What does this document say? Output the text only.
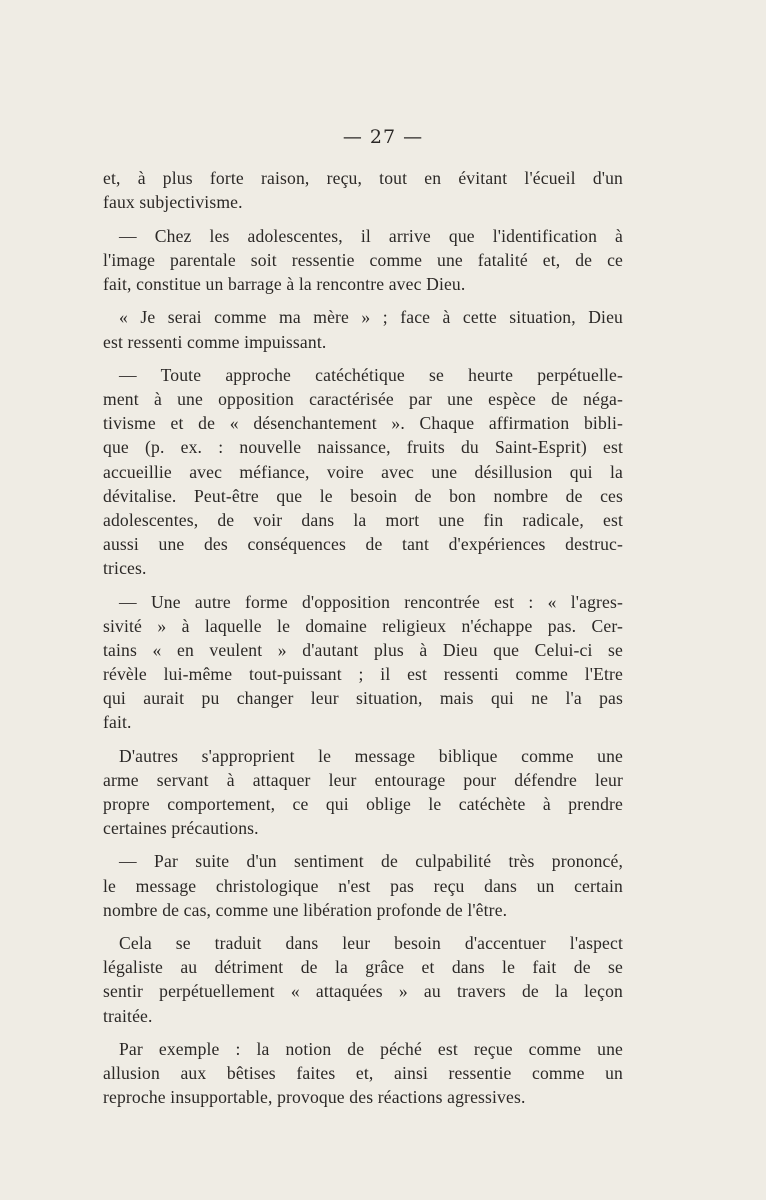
— 27 —
et, à plus forte raison, reçu, tout en évitant l'écueil d'un
faux subjectivisme.
— Chez les adolescentes, il arrive que l'identification à
l'image parentale soit ressentie comme une fatalité et, de ce
fait, constitue un barrage à la rencontre avec Dieu.
« Je serai comme ma mère » ; face à cette situation, Dieu
est ressenti comme impuissant.
— Toute approche catéchétique se heurte perpétuelle-
ment à une opposition caractérisée par une espèce de néga-
tivisme et de « désenchantement ». Chaque affirmation bibli-
que (p. ex. : nouvelle naissance, fruits du Saint-Esprit) est
accueillie avec méfiance, voire avec une désillusion qui la
dévitalise. Peut-être que le besoin de bon nombre de ces
adolescentes, de voir dans la mort une fin radicale, est
aussi une des conséquences de tant d'expériences destruc-
trices.
— Une autre forme d'opposition rencontrée est : « l'agres-
sivité » à laquelle le domaine religieux n'échappe pas. Cer-
tains « en veulent » d'autant plus à Dieu que Celui-ci se
révèle lui-même tout-puissant ; il est ressenti comme l'Etre
qui aurait pu changer leur situation, mais qui ne l'a pas
fait.
D'autres s'approprient le message biblique comme une
arme servant à attaquer leur entourage pour défendre leur
propre comportement, ce qui oblige le catéchète à prendre
certaines précautions.
— Par suite d'un sentiment de culpabilité très prononcé,
le message christologique n'est pas reçu dans un certain
nombre de cas, comme une libération profonde de l'être.
Cela se traduit dans leur besoin d'accentuer l'aspect
légaliste au détriment de la grâce et dans le fait de se
sentir perpétuellement « attaquées » au travers de la leçon
traitée.
Par exemple : la notion de péché est reçue comme une
allusion aux bêtises faites et, ainsi ressentie comme un
reproche insupportable, provoque des réactions agressives.
